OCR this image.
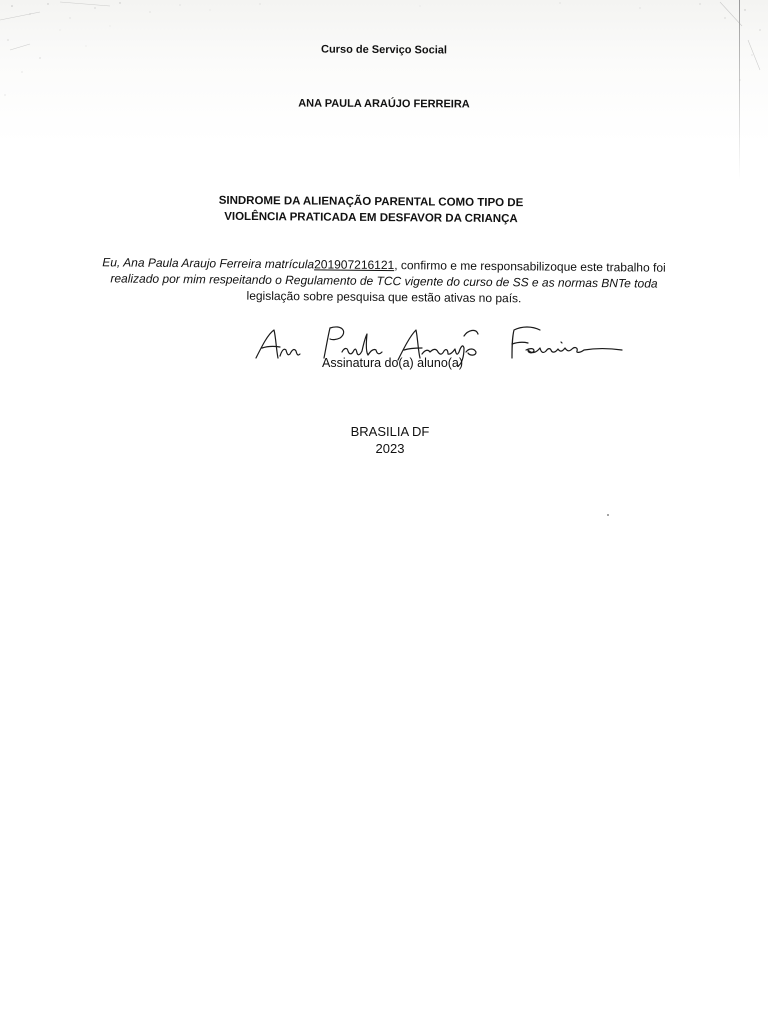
Curso de Serviço Social
ANA PAULA ARAÚJO FERREIRA
SINDROME DA ALIENAÇÃO PARENTAL COMO TIPO DE
VIOLÊNCIA PRATICADA EM DESFAVOR DA CRIANÇA
Eu, Ana Paula Araujo Ferreira matrícula201907216121, confirmo e me responsabilizoque este trabalho foi
realizado por mim respeitando o Regulamento de TCC vigente do curso de SS e as normas BNTe toda
legislação sobre pesquisa que estão ativas no país.
Assinatura do(a) aluno(a)
BRASILIA DF
2023
